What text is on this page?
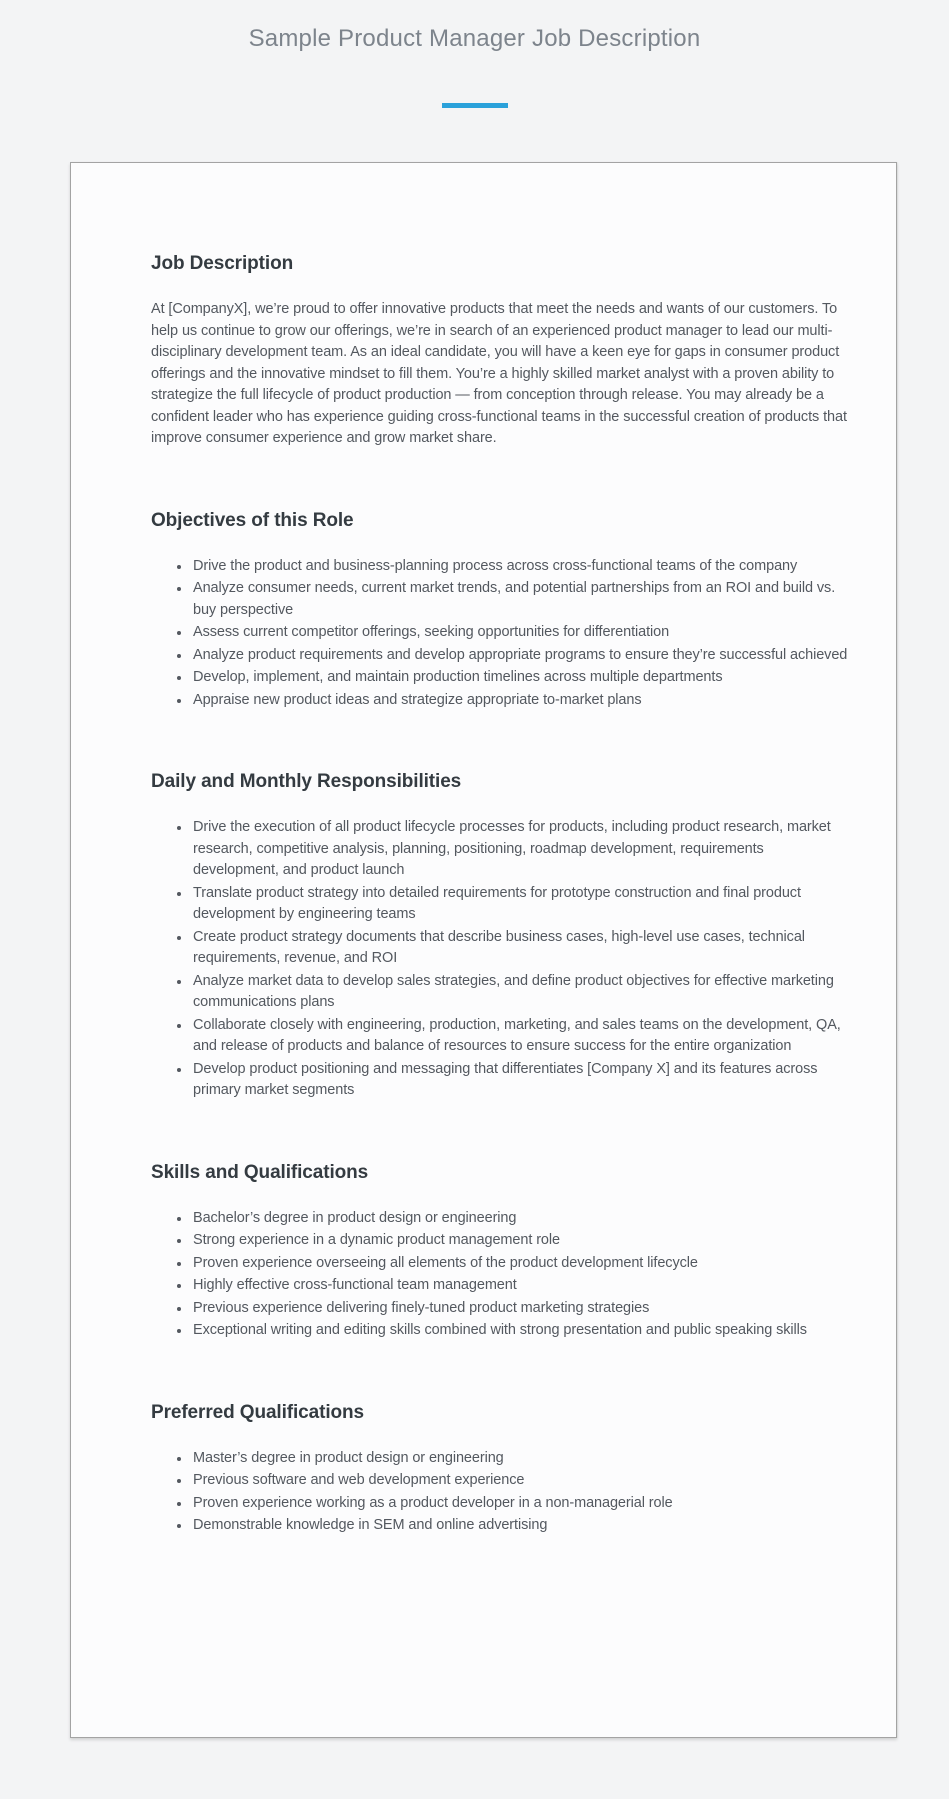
Sample Product Manager Job Description
Job Description

At [CompanyX], we’re proud to offer innovative products that meet the needs and wants of our customers. To help us continue to grow our offerings, we’re in search of an experienced product manager to lead our multi-disciplinary development team. As an ideal candidate, you will have a keen eye for gaps in consumer product offerings and the innovative mindset to fill them. You’re a highly skilled market analyst with a proven ability to strategize the full lifecycle of product production — from conception through release. You may already be a confident leader who has experience guiding cross-functional teams in the successful creation of products that improve consumer experience and grow market share.

Objectives of this Role
• Drive the product and business-planning process across cross-functional teams of the company
• Analyze consumer needs, current market trends, and potential partnerships from an ROI and build vs. buy perspective
• Assess current competitor offerings, seeking opportunities for differentiation
• Analyze product requirements and develop appropriate programs to ensure they’re successful achieved
• Develop, implement, and maintain production timelines across multiple departments
• Appraise new product ideas and strategize appropriate to-market plans
Daily and Monthly Responsibilities
• Drive the execution of all product lifecycle processes for products, including product research, market research, competitive analysis, planning, positioning, roadmap development, requirements development, and product launch
• Translate product strategy into detailed requirements for prototype construction and final product development by engineering teams
• Create product strategy documents that describe business cases, high-level use cases, technical requirements, revenue, and ROI
• Analyze market data to develop sales strategies, and define product objectives for effective marketing communications plans
• Collaborate closely with engineering, production, marketing, and sales teams on the development, QA, and release of products and balance of resources to ensure success for the entire organization
• Develop product positioning and messaging that differentiates [Company X] and its features across primary market segments
Skills and Qualifications
• Bachelor’s degree in product design or engineering
• Strong experience in a dynamic product management role
• Proven experience overseeing all elements of the product development lifecycle
• Highly effective cross-functional team management
• Previous experience delivering finely-tuned product marketing strategies
• Exceptional writing and editing skills combined with strong presentation and public speaking skills
Preferred Qualifications
• Master’s degree in product design or engineering
• Previous software and web development experience
• Proven experience working as a product developer in a non-managerial role
• Demonstrable knowledge in SEM and online advertising
